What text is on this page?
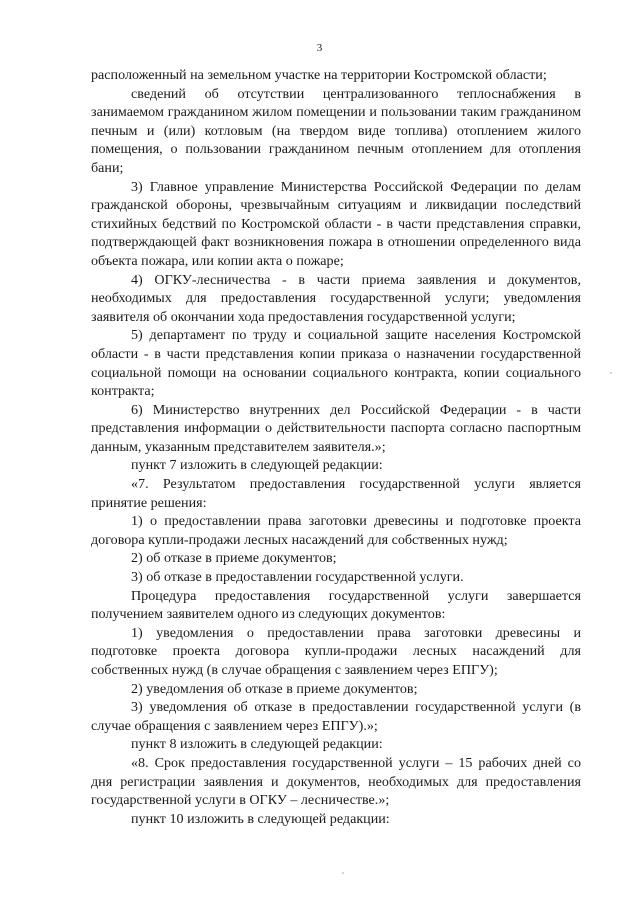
3

расположенный на земельном участке на территории Костромской области;

сведений об отсутствии централизованного теплоснабжения в занимаемом гражданином жилом помещении и пользовании таким гражданином печным и (или) котловым (на твердом виде топлива) отоплением жилого помещения, о пользовании гражданином печным отоплением для отопления бани;

3) Главное управление Министерства Российской Федерации по делам гражданской обороны, чрезвычайным ситуациям и ликвидации последствий стихийных бедствий по Костромской области - в части представления справки, подтверждающей факт возникновения пожара в отношении определенного вида объекта пожара, или копии акта о пожаре;

4) ОГКУ-лесничества - в части приема заявления и документов, необходимых для предоставления государственной услуги; уведомления заявителя об окончании хода предоставления государственной услуги;

5) департамент по труду и социальной защите населения Костромской области - в части представления копии приказа о назначении государственной социальной помощи на основании социального контракта, копии социального контракта;

6) Министерство внутренних дел Российской Федерации - в части представления информации о действительности паспорта согласно паспортным данным, указанным представителем заявителя.»;

пункт 7 изложить в следующей редакции:

«7. Результатом предоставления государственной услуги является принятие решения:

1) о предоставлении права заготовки древесины и подготовке проекта договора купли-продажи лесных насаждений для собственных нужд;

2) об отказе в приеме документов;

3) об отказе в предоставлении государственной услуги.

Процедура предоставления государственной услуги завершается получением заявителем одного из следующих документов:

1) уведомления о предоставлении права заготовки древесины и подготовке проекта договора купли-продажи лесных насаждений для собственных нужд (в случае обращения с заявлением через ЕПГУ);

2) уведомления об отказе в приеме документов;

3) уведомления об отказе в предоставлении государственной услуги (в случае обращения с заявлением через ЕПГУ).»;

пункт 8 изложить в следующей редакции:

«8. Срок предоставления государственной услуги – 15 рабочих дней со дня регистрации заявления и документов, необходимых для предоставления государственной услуги в ОГКУ – лесничестве.»;

пункт 10 изложить в следующей редакции:
